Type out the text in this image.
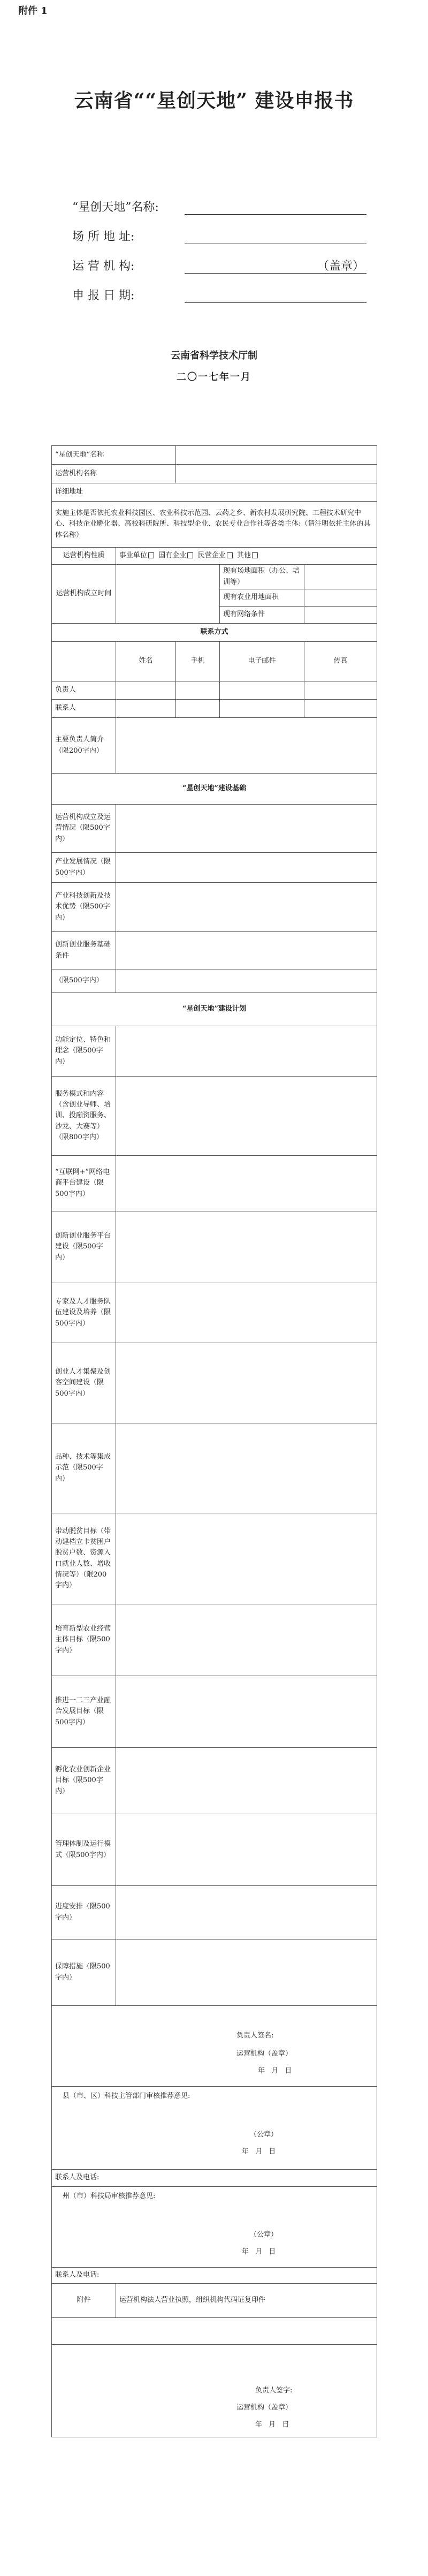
附件 1
云南省““星创天地” 建设申报书
“星创天地”名称:
场 所 地 址:
运 营 机 构:	（盖章）
申 报 日 期:
云南省科学技术厅制
二〇一七年一月
“星创天地”名称				
运营机构名称				
详细地址				
实施主体是否依托农业科技园区、农业科技示范园、云药之乡、新农村发展研究院、工程技术研究中心、科技企业孵化器、高校科研院所、科技型企业、农民专业合作社等各类主体:（请注明依托主体的具体名称）				
运营机构性质	事业单位 国有企业 民营企业 其他			
运营机构成立时间			现有场地面积（办公、培训等）	
			现有农业用地面积	
			现有网络条件	
联系方式				
	姓名	手机	电子邮件	传真
负责人				
联系人				
主要负责人简介（限200字内）				
“星创天地”建设基础				
运营机构成立及运营情况（限500字内）				
产业发展情况（限500字内）				
产业科技创新及技术优势（限500字内）				
创新创业服务基础条件				
（限500字内）				
“星创天地”建设计划				
功能定位、特色和理念（限500字内）				
服务模式和内容（含创业导师、培训、投融资服务、沙龙、大赛等）（限800字内）				
“互联网+”网络电商平台建设（限500字内）				
创新创业服务平台建设（限500字内）				
专家及人才服务队伍建设及培养（限500字内）				
创业人才集聚及创客空间建设（限500字内）				
品种、技术等集成示范（限500字内）				
带动脱贫目标（带动建档立卡贫困户脱贫户数、资源入口就业人数、增收情况等）（限200字内）				
培育新型农业经营主体目标（限500字内）				
推进一二三产业融合发展目标（限500字内）				
孵化农业创新企业目标（限500字内）				
管理体制及运行模式（限500字内）				
进度安排（限500字内）				
保障措施（限500字内）				

负责人签名:
运营机构（盖章）
年 月 日				

县（市、区）科技主管部门审核推荐意见:
（公章）
年 月 日				

联系人及电话:				

州（市）科技局审核推荐意见:
（公章）
年 月 日				

联系人及电话:				
附件	运营机构法人营业执照，组织机构代码证复印件			

负责人签字:
运营机构（盖章）
年 月 日				
